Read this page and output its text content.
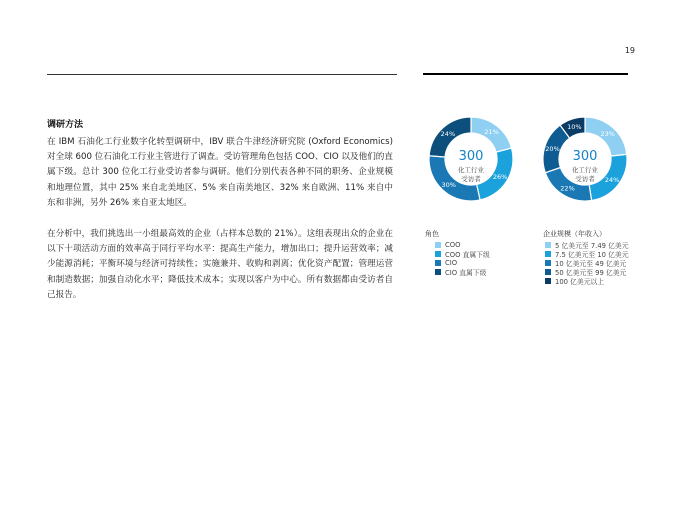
19
调研方法
在 IBM 石油化工行业数字化转型调研中，IBV 联合牛津经济研究院 (Oxford Economics) 对全球 600 位石油化工行业主管进行了调查。受访管理角色包括 COO、CIO 以及他们的直属下级。总计 300 位化工行业受访者参与调研。他们分别代表各种不同的职务、企业规模和地理位置，其中 25% 来自北美地区、5% 来自南美地区、32% 来自欧洲、11% 来自中东和非洲，另外 26% 来自亚太地区。
在分析中，我们挑选出一小组最高效的企业（占样本总数的 21%）。这组表现出众的企业在以下十项活动方面的效率高于同行平均水平：提高生产能力，增加出口；提升运营效率；减少能源消耗；平衡环境与经济可持续性；实施兼并、收购和剥离；优化资产配置；管理运营和制造数据；加强自动化水平；降低技术成本；实现以客户为中心。所有数据都由受访者自己报告。
21%
26%
30%
24%
300
化工行业
受访者
角色
COO
COO 直属下级
CIO
CIO 直属下级
23%
24%
22%
20%
10%
300
化工行业
受访者
企业规模（年收入）
5 亿美元至 7.49 亿美元
7.5 亿美元至 10 亿美元
10 亿美元至 49 亿美元
50 亿美元至 99 亿美元
100 亿美元以上
